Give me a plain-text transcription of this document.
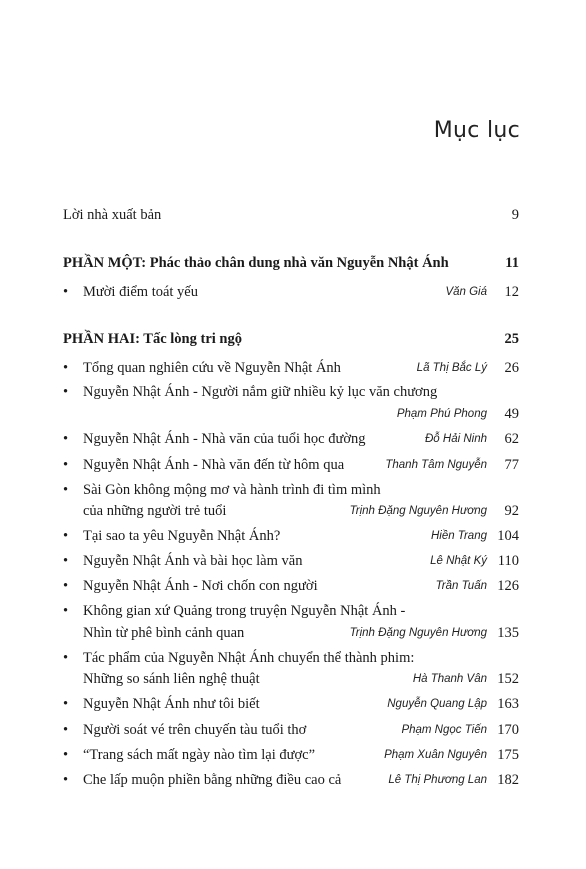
Mục lục
Lời nhà xuất bản	9
PHẦN MỘT: Phác thảo chân dung nhà văn Nguyễn Nhật Ánh	11
•	Mười điểm toát yếu	Văn Giá 12
PHẦN HAI: Tấc lòng tri ngộ	25
•	Tổng quan nghiên cứu về Nguyễn Nhật Ánh	Lã Thị Bắc Lý 26
•	Nguyễn Nhật Ánh - Người nắm giữ nhiều kỷ lục văn chương
Phạm Phú Phong 49
•	Nguyễn Nhật Ánh - Nhà văn của tuổi học đường	Đỗ Hải Ninh 62
•	Nguyễn Nhật Ánh - Nhà văn đến từ hôm qua	Thanh Tâm Nguyễn 77
•	Sài Gòn không mộng mơ và hành trình đi tìm mình
của những người trẻ tuổi	Trịnh Đặng Nguyên Hương 92
•	Tại sao ta yêu Nguyễn Nhật Ánh?	Hiền Trang 104
•	Nguyễn Nhật Ánh và bài học làm văn	Lê Nhật Ký 110
•	Nguyễn Nhật Ánh - Nơi chốn con người	Trần Tuấn 126
•	Không gian xứ Quảng trong truyện Nguyễn Nhật Ánh -
Nhìn từ phê bình cảnh quan	Trịnh Đặng Nguyên Hương 135
•	Tác phẩm của Nguyễn Nhật Ánh chuyển thể thành phim:
Những so sánh liên nghệ thuật	Hà Thanh Vân 152
•	Nguyễn Nhật Ánh như tôi biết	Nguyễn Quang Lập 163
•	Người soát vé trên chuyến tàu tuổi thơ	Phạm Ngọc Tiến 170
•	“Trang sách mất ngày nào tìm lại được”	Phạm Xuân Nguyên 175
•	Che lấp muộn phiền bằng những điều cao cả	Lê Thị Phương Lan 182
